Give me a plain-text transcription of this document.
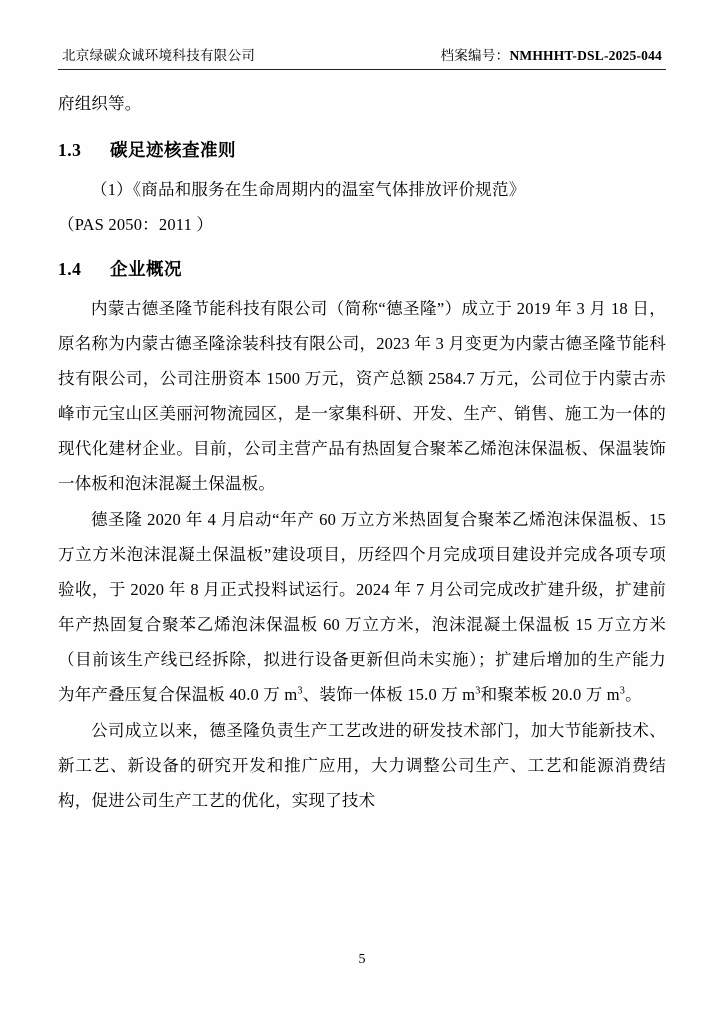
北京绿碳众诚环境科技有限公司	档案编号：NMHHHT-DSL-2025-044

府组织等。

1.3 碳足迹核查准则

（1）《商品和服务在生命周期内的温室气体排放评价规范》

（PAS 2050：2011 ）

1.4 企业概况

内蒙古德圣隆节能科技有限公司（简称“德圣隆”）成立于 2019 年 3 月 18 日，原名称为内蒙古德圣隆涂装科技有限公司，2023 年 3 月变更为内蒙古德圣隆节能科技有限公司，公司注册资本 1500 万元，资产总额 2584.7 万元，公司位于内蒙古赤峰市元宝山区美丽河物流园区，是一家集科研、开发、生产、销售、施工为一体的现代化建材企业。目前，公司主营产品有热固复合聚苯乙烯泡沫保温板、保温装饰一体板和泡沫混凝土保温板。

德圣隆 2020 年 4 月启动“年产 60 万立方米热固复合聚苯乙烯泡沫保温板、15 万立方米泡沫混凝土保温板”建设项目，历经四个月完成项目建设并完成各项专项验收，于 2020 年 8 月正式投料试运行。2024 年 7 月公司完成改扩建升级，扩建前年产热固复合聚苯乙烯泡沫保温板 60 万立方米，泡沫混凝土保温板 15 万立方米（目前该生产线已经拆除，拟进行设备更新但尚未实施）；扩建后增加的生产能力为年产叠压复合保温板 40.0 万 $m^3$、装饰一体板 15.0 万 $m^3$和聚苯板 20.0 万 $m^3$。

公司成立以来，德圣隆负责生产工艺改进的研发技术部门，加大节能新技术、新工艺、新设备的研究开发和推广应用，大力调整公司生产、工艺和能源消费结构，促进公司生产工艺的优化，实现了技术

5
